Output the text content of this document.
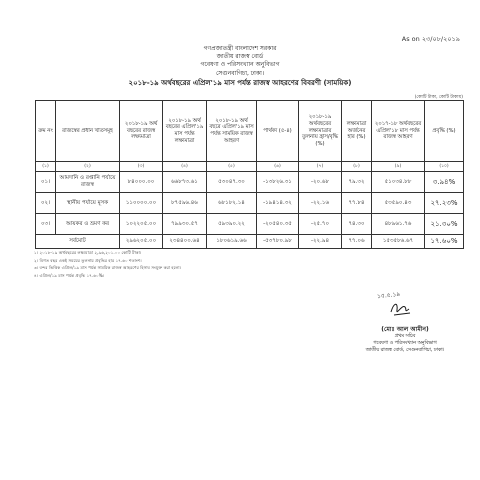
As on ২৩/০৮/২০১৯
গণপ্রজাতন্ত্রী বাংলাদেশ সরকার
জাতীয় রাজস্ব বোর্ড
গবেষণা ও পরিসংখ্যান অনুবিভাগ
সেগুনবাগিচা, ঢাকা।
২০১৮-১৯ অর্থবছরের এপ্রিল'১৯ মাস পর্যন্ত রাজস্ব আহরণের বিবরণী (সাময়িক)
(কোটি টাকা, কোটি টাকায়)
ক্রম নং	রাজস্বের প্রধান খাতসমূহ	২০১৮-১৯ অর্থ বছরের রাজস্ব লক্ষ্যমাত্রা	২০১৮-১৯ অর্থ বছরের এপ্রিল'১৯ মাস পর্যন্ত লক্ষ্যমাত্রা	২০১৮-১৯ অর্থ বছরে এপ্রিল'১৯ মাস পর্যন্ত সাময়িক রাজস্ব আহরণ	পার্থক্য (৫-৪)	২০১৮-১৯ অর্থবছরের লক্ষ্যমাত্রার তুলনায় হ্রাস/বৃদ্ধি (%)	লক্ষ্যমাত্রা অর্জনের হার (%)	২০১৭-১৮ অর্থবছরের এপ্রিল'১৮ মাস পর্যন্ত রাজস্ব আহরণ	প্রবৃদ্ধি (%)
(১)	(২)	(৩)	(৪)	(৫)	(৬)	(৭)	(৮)	(৯)	(১০)
০১।	আমদানি ও রপ্তানি পর্যায়ে রাজস্ব	৮৪০০০.০০	৬৬৮৭৩.৬১	৫৩০৪৭.৩০	-১৩৮২৬.৩১	-২০.৬৮	৭৯.৩২	৫১০৩৪.৮৮	৩.৯৪%
০২।	স্থানীয় পর্যায়ে মূসক	১১০০০০.০০	৮৭৫৯৬.৪৬	৬৮১৮২.১৪	-১৯৪১৪.৩২	-২২.১৬	৭৭.৮৪	৫৩৫৯০.৪৩	২৭.২৩%
০৩।	আয়কর ও ভ্রমণ কর	১০২২০৫.০০	৭৯৯৩০.৫৭	৫৯৩৯০.২২	-২০৫৪০.৩৫	-২৫.৭০	৭৪.৩০	৪৮৯৬১.৭৬	২১.৩০%
সর্বমোট		২৯৬২০৫.০০	২৩৪৪০০.৬৪	১৮০৬১৯.৬৬	-৫৩৭৮০.৯৮	-২২.৯৪	৭৭.০৬	১৫৩৫৮৬.৬৭	১৭.৬০%
১। ২০১৮-১৯ অর্থবছরের লক্ষ্যমাত্রা ২,৯৬,২০১.০০ কোটি টাকা।
২। বিগত বছর একই সময়ের তুলনায় প্রবৃদ্ধির হার ১৭.৬০ শতাংশ।
৩। বন্দর ভিত্তিক এপ্রিল/১৯ মাস পর্যন্ত সাময়িক রাজস্ব আহরণের হিসাব সংযুক্ত করা হলো।
৪। এপ্রিল/১৯ মাস পর্যন্ত প্রবৃদ্ধি ১৭.৬০%।
১৫.৫.১৯
(মোঃ আল আমীন)
প্রথম সচিব
গবেষণা ও পরিসংখ্যান অনুবিভাগ
জাতীয় রাজস্ব বোর্ড, সেগুনবাগিচা, ঢাকা।
